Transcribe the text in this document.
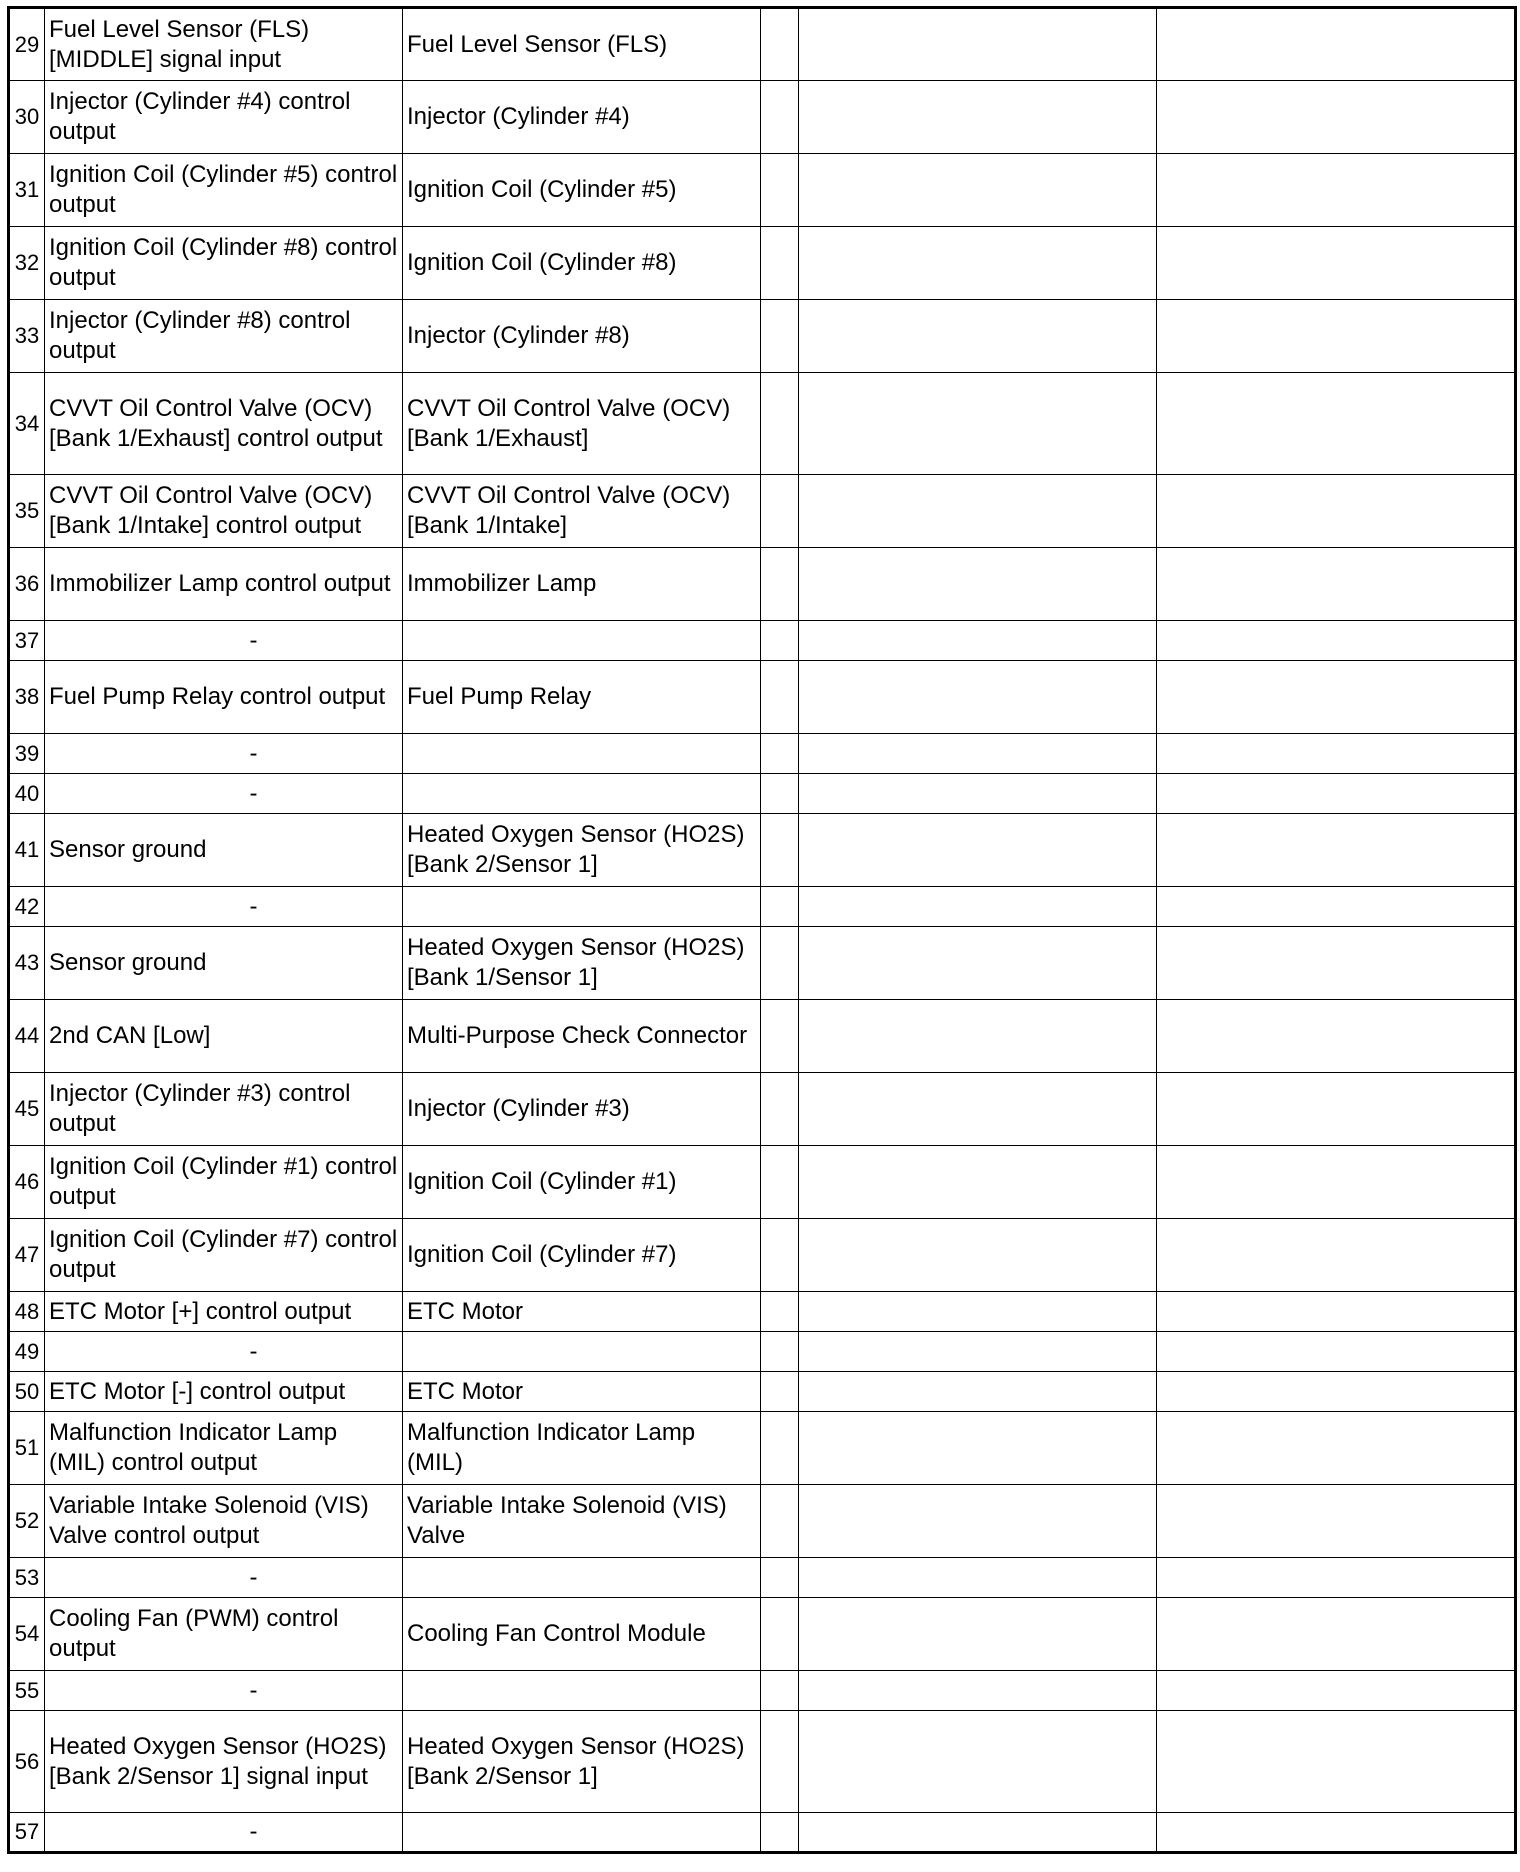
29	Fuel Level Sensor (FLS) [MIDDLE] signal input	Fuel Level Sensor (FLS)			
30	Injector (Cylinder #4) control output	Injector (Cylinder #4)			
31	Ignition Coil (Cylinder #5) control output	Ignition Coil (Cylinder #5)			
32	Ignition Coil (Cylinder #8) control output	Ignition Coil (Cylinder #8)			
33	Injector (Cylinder #8) control output	Injector (Cylinder #8)			
34	CVVT Oil Control Valve (OCV) [Bank 1/Exhaust] control output	CVVT Oil Control Valve (OCV) [Bank 1/Exhaust]			
35	CVVT Oil Control Valve (OCV) [Bank 1/Intake] control output	CVVT Oil Control Valve (OCV) [Bank 1/Intake]			
36	Immobilizer Lamp control output	Immobilizer Lamp			
37	-				
38	Fuel Pump Relay control output	Fuel Pump Relay			
39	-				
40	-				
41	Sensor ground	Heated Oxygen Sensor (HO2S) [Bank 2/Sensor 1]			
42	-				
43	Sensor ground	Heated Oxygen Sensor (HO2S) [Bank 1/Sensor 1]			
44	2nd CAN [Low]	Multi-Purpose Check Connector			
45	Injector (Cylinder #3) control output	Injector (Cylinder #3)			
46	Ignition Coil (Cylinder #1) control output	Ignition Coil (Cylinder #1)			
47	Ignition Coil (Cylinder #7) control output	Ignition Coil (Cylinder #7)			
48	ETC Motor [+] control output	ETC Motor			
49	-				
50	ETC Motor [-] control output	ETC Motor			
51	Malfunction Indicator Lamp (MIL) control output	Malfunction Indicator Lamp (MIL)			
52	Variable Intake Solenoid (VIS) Valve control output	Variable Intake Solenoid (VIS) Valve			
53	-				
54	Cooling Fan (PWM) control output	Cooling Fan Control Module			
55	-				
56	Heated Oxygen Sensor (HO2S) [Bank 2/Sensor 1] signal input	Heated Oxygen Sensor (HO2S) [Bank 2/Sensor 1]			
57	-				
